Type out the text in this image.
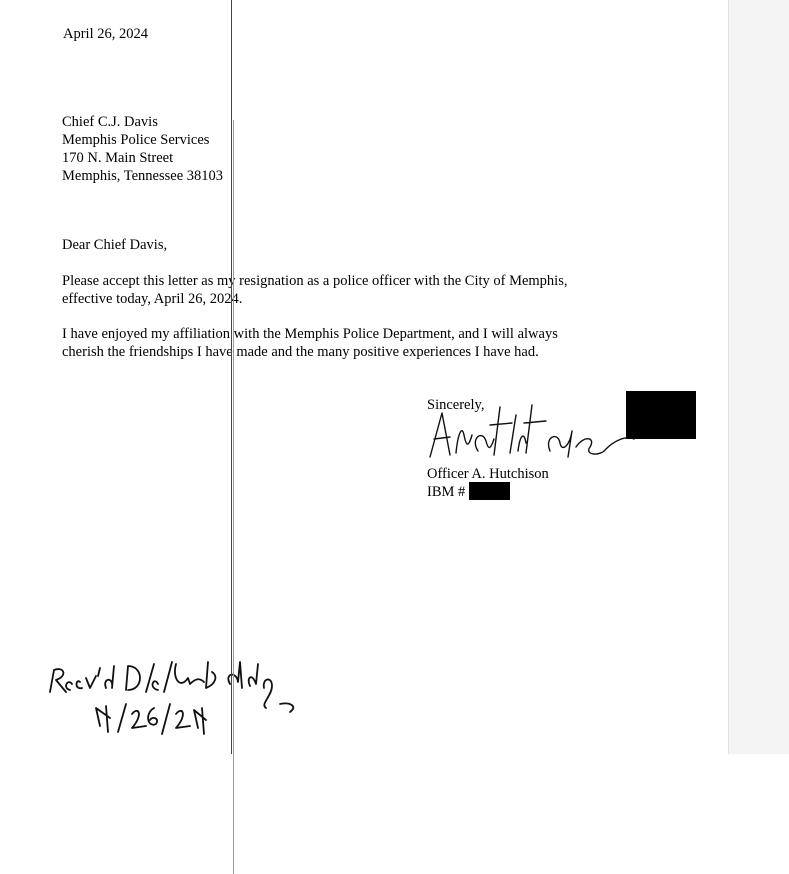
April 26, 2024
Chief C.J. Davis
Memphis Police Services
170 N. Main Street
Memphis, Tennessee 38103
Dear Chief Davis,
Please accept this letter as my resignation as a police officer with the City of Memphis,
effective today, April 26, 2024.
I have enjoyed my affiliation with the Memphis Police Department, and I will always
cherish the friendships I have made and the many positive experiences I have had.
Sincerely,
Officer A. Hutchison
IBM #
